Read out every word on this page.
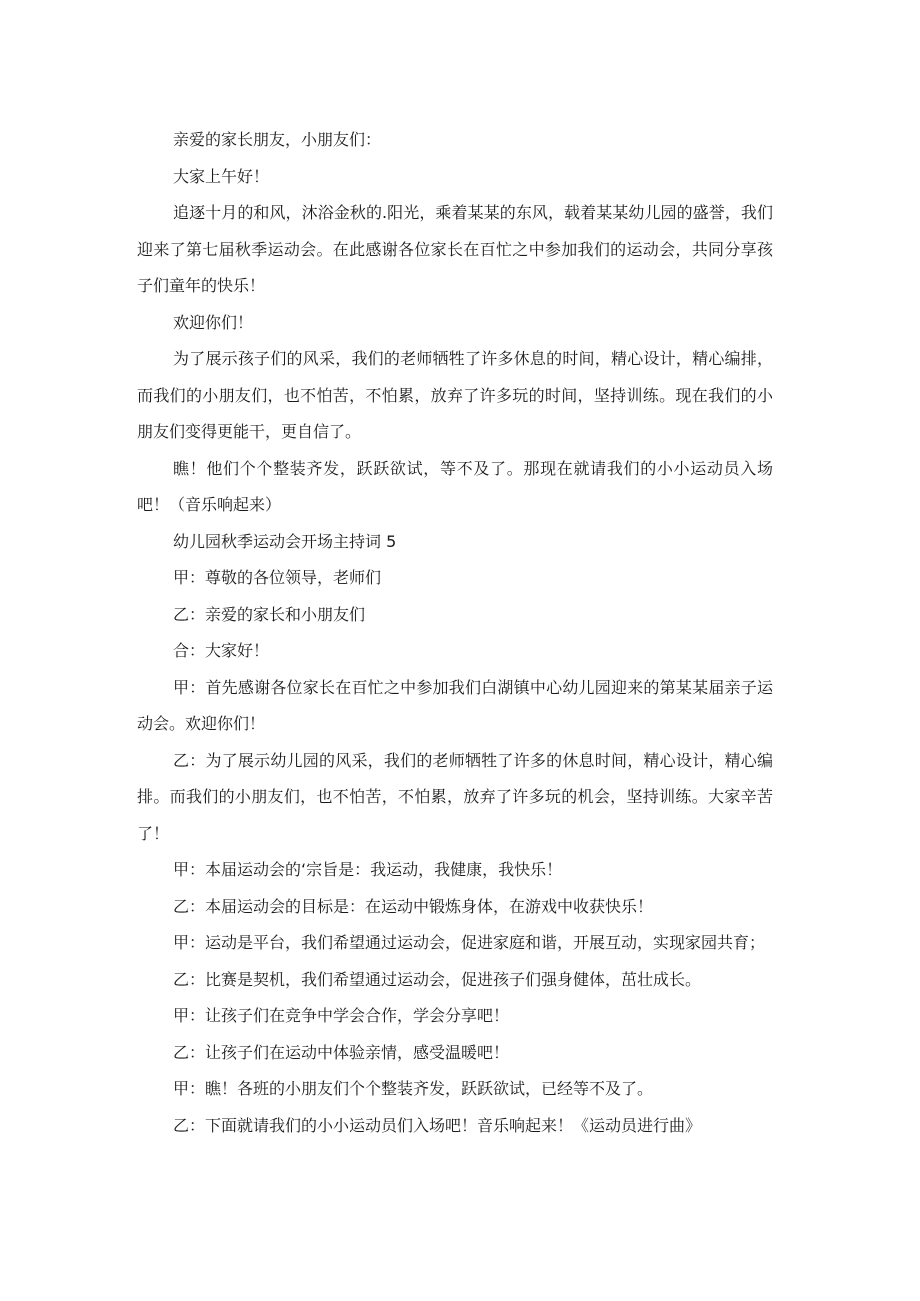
亲爱的家长朋友，小朋友们：

大家上午好！

追逐十月的和风，沐浴金秋的.阳光，乘着某某的东风，载着某某幼儿园的盛誉，我们迎来了第七届秋季运动会。在此感谢各位家长在百忙之中参加我们的运动会，共同分享孩子们童年的快乐！

欢迎你们！

为了展示孩子们的风采，我们的老师牺牲了许多休息的时间，精心设计，精心编排，而我们的小朋友们，也不怕苦，不怕累，放弃了许多玩的时间，坚持训练。现在我们的小朋友们变得更能干，更自信了。

瞧！他们个个整装齐发，跃跃欲试，等不及了。那现在就请我们的小小运动员入场吧！（音乐响起来）

幼儿园秋季运动会开场主持词 5

甲：尊敬的各位领导，老师们

乙：亲爱的家长和小朋友们

合：大家好！

甲：首先感谢各位家长在百忙之中参加我们白湖镇中心幼儿园迎来的第某某届亲子运动会。欢迎你们！

乙：为了展示幼儿园的风采，我们的老师牺牲了许多的休息时间，精心设计，精心编排。而我们的小朋友们，也不怕苦，不怕累，放弃了许多玩的机会，坚持训练。大家辛苦了！

甲：本届运动会的‘宗旨是：我运动，我健康，我快乐！

乙：本届运动会的目标是：在运动中锻炼身体，在游戏中收获快乐！

甲：运动是平台，我们希望通过运动会，促进家庭和谐，开展互动，实现家园共育；

乙：比赛是契机，我们希望通过运动会，促进孩子们强身健体，茁壮成长。

甲：让孩子们在竞争中学会合作，学会分享吧！

乙：让孩子们在运动中体验亲情，感受温暖吧！

甲：瞧！各班的小朋友们个个整装齐发，跃跃欲试，已经等不及了。

乙：下面就请我们的小小运动员们入场吧！音乐响起来！《运动员进行曲》
